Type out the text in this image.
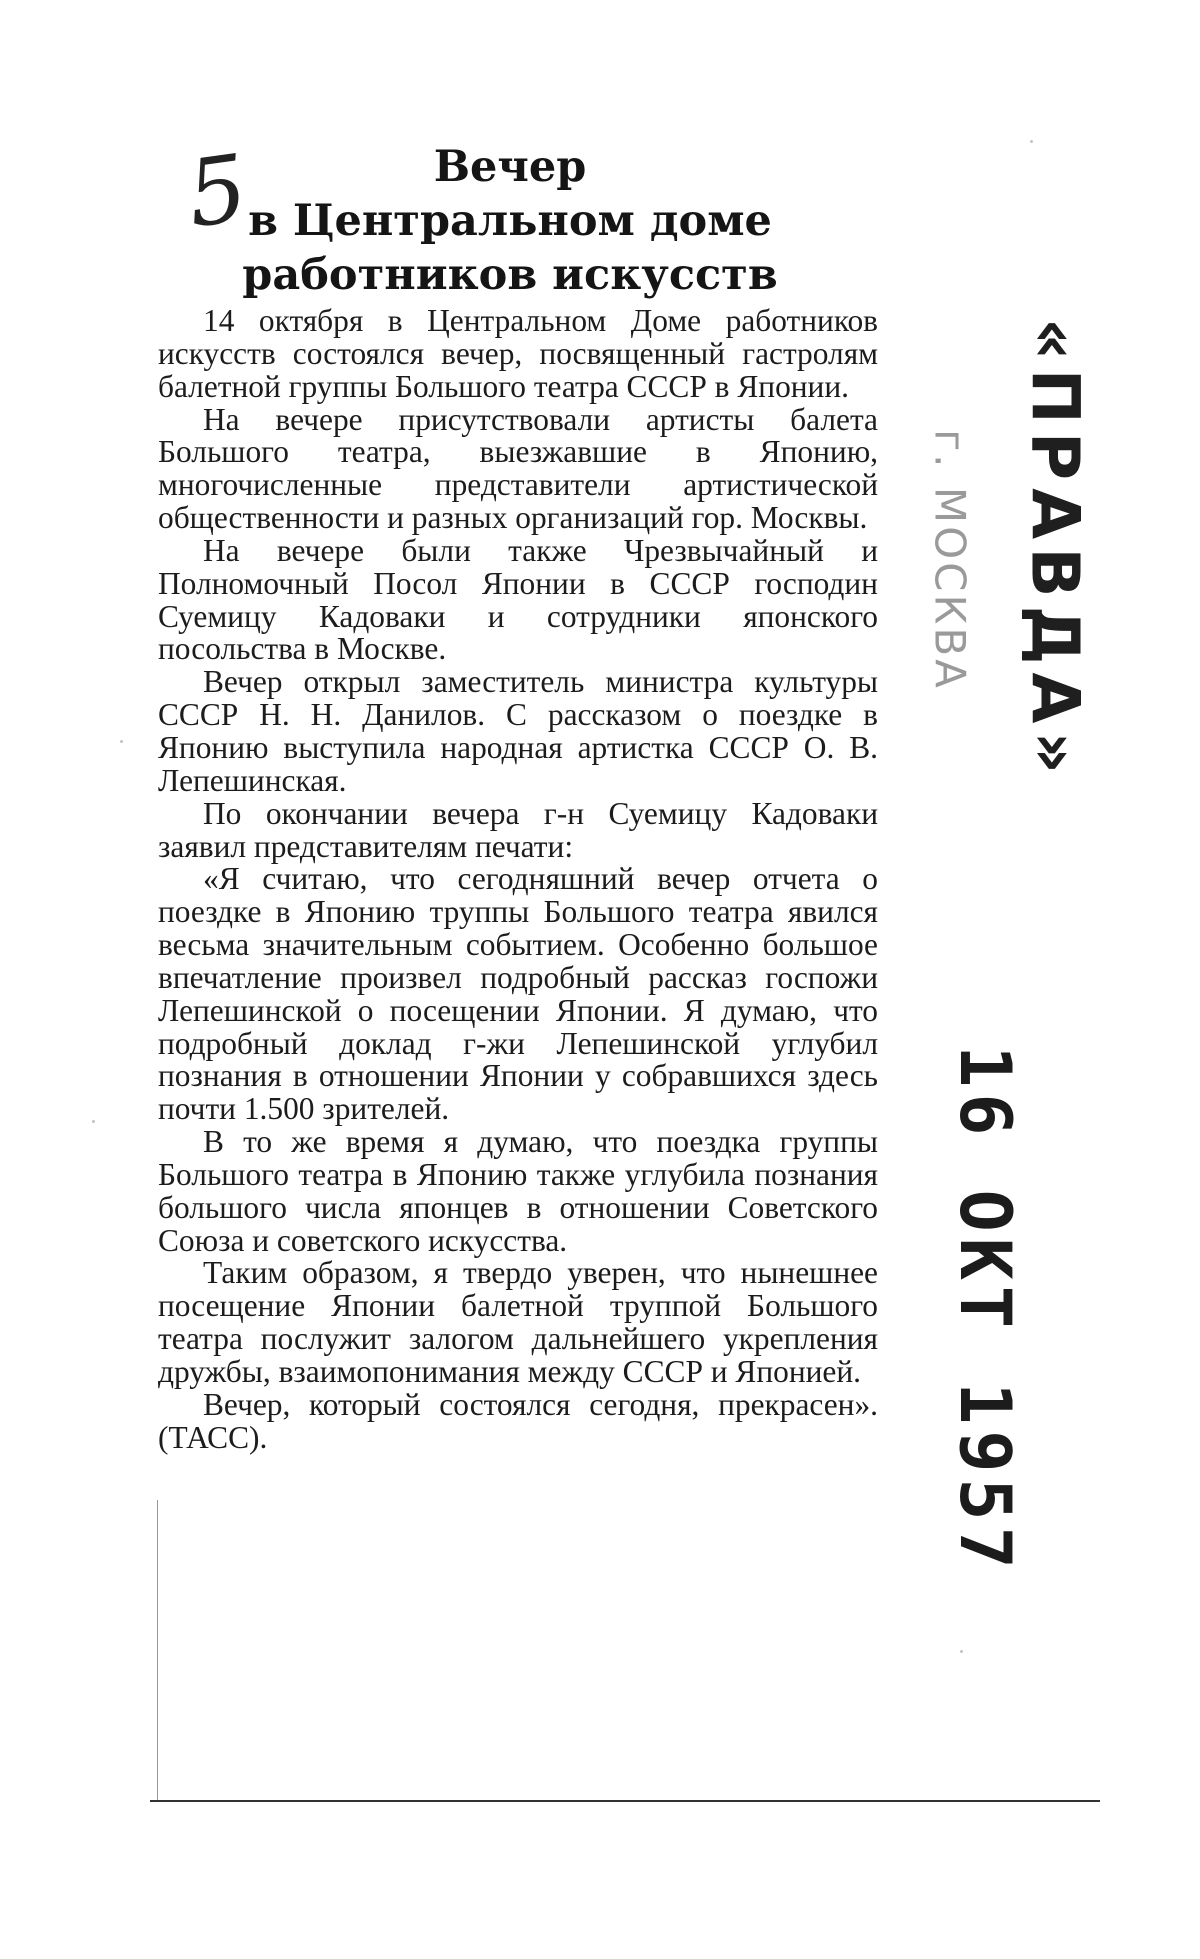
5	Вечер
в Центральном доме
работников искусств

14 октября в Центральном Доме работников искусств состоялся вечер, посвященный гастролям балетной группы Большого театра СССР в Японии.

На вечере присутствовали артисты балета Большого театра, выезжавшие в Японию, многочисленные представители артистической общественности и разных организаций гор. Москвы.

На вечере были также Чрезвычайный и Полномочный Посол Японии в СССР господин Суемицу Кадоваки и сотрудники японского посольства в Москве.

Вечер открыл заместитель министра культуры СССР Н. Н. Данилов. С рассказом о поездке в Японию выступила народная артистка СССР О. В. Лепешинская.

По окончании вечера г-н Суемицу Кадоваки заявил представителям печати:

«Я считаю, что сегодняшний вечер отчета о поездке в Японию труппы Большого театра явился весьма значительным событием. Особенно большое впечатление произвел подробный рассказ госпожи Лепешинской о посещении Японии. Я думаю, что подробный доклад г-жи Лепешинской углубил познания в отношении Японии у собравшихся здесь почти 1.500 зрителей.

В то же время я думаю, что поездка группы Большого театра в Японию также углубила познания большого числа японцев в отношении Советского Союза и советского искусства.

Таким образом, я твердо уверен, что нынешнее посещение Японии балетной труппой Большого театра послужит залогом дальнейшего укрепления дружбы, взаимопонимания между СССР и Японией.

Вечер, который состоялся сегодня, прекрасен». (ТАСС).

г. МОСКВА «ПРАВДА»
16 ОКТ 1957
